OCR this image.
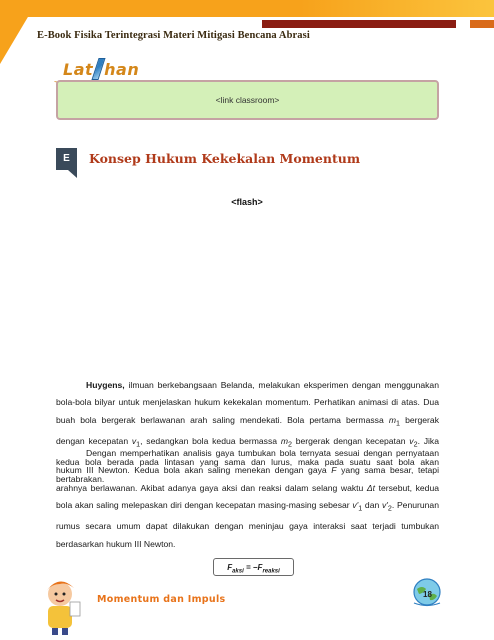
E-Book Fisika Terintegrasi Materi Mitigasi Bencana Abrasi
Lat han
<link classroom>
E	Konsep Hukum Kekekalan Momentum
<flash>
Huygens, ilmuan berkebangsaan Belanda, melakukan eksperimen dengan menggunakan bola-bola bilyar untuk menjelaskan hukum kekekalan momentum. Perhatikan animasi di atas. Dua buah bola bergerak berlawanan arah saling mendekati. Bola pertama bermassa $m_1$ bergerak dengan kecepatan $v_1$, sedangkan bola kedua bermassa $m_2$ bergerak dengan kecepatan $v_2$. Jika kedua bola berada pada lintasan yang sama dan lurus, maka pada suatu saat bola akan bertabrakan.
Dengan memperhatikan analisis gaya tumbukan bola ternyata sesuai dengan pernyataan hukum III Newton. Kedua bola akan saling menekan dengan gaya F yang sama besar, tetapi arahnya berlawanan. Akibat adanya gaya aksi dan reaksi dalam selang waktu Δt tersebut, kedua bola akan saling melepaskan diri dengan kecepatan masing-masing sebesar $v'_1$ dan $v'_2$. Penurunan rumus secara umum dapat dilakukan dengan meninjau gaya interaksi saat terjadi tumbukan berdasarkan hukum III Newton.
$F_{aksi} = -F_{reaksi}$
Momentum dan Impuls	18
